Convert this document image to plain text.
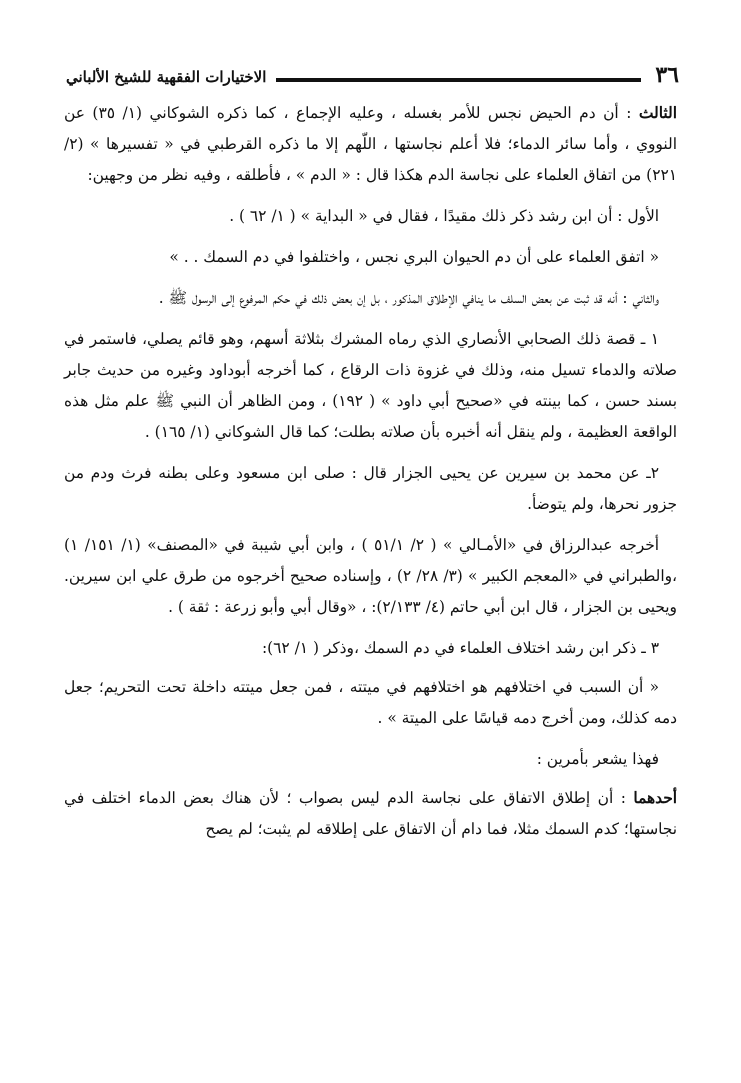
الاختيارات الفقهية للشيخ الألباني	٣٦

الثالث : أن دم الحيض نجس للأمر بغسله ، وعليه الإجماع ، كما ذكره الشوكاني (١/ ٣٥) عن النووي ، وأما سائر الدماء؛ فلا أعلم نجاستها ، اللّهم إلا ما ذكره القرطبي في « تفسيرها » (٢/ ٢٢١) من اتفاق العلماء على نجاسة الدم هكذا قال : « الدم » ، فأطلقه ، وفيه نظر من وجهين:

الأول : أن ابن رشد ذكر ذلك مقيدًا ، فقال في « البداية » ( ١/ ٦٢ ) .

« اتفق العلماء على أن دم الحيوان البري نجس ، واختلفوا في دم السمك . . »

والثاني : أنه قد ثبت عن بعض السلف ما ينافي الإطلاق المذكور ، بل إن بعض ذلك في حكم المرفوع إلى الرسول ﷺ .

١ ـ قصة ذلك الصحابي الأنصاري الذي رماه المشرك بثلاثة أسهم، وهو قائم يصلي، فاستمر في صلاته والدماء تسيل منه، وذلك في غزوة ذات الرقاع ، كما أخرجه أبوداود وغيره من حديث جابر بسند حسن ، كما بينته في «صحيح أبي داود » ( ١٩٢) ، ومن الظاهر أن النبي ﷺ علم مثل هذه الواقعة العظيمة ، ولم ينقل أنه أخبره بأن صلاته بطلت؛ كما قال الشوكاني (١/ ١٦٥) .

٢ـ عن محمد بن سيرين عن يحيى الجزار قال : صلى ابن مسعود وعلى بطنه فرث ودم من جزور نحرها، ولم يتوضأ.

أخرجه عبدالرزاق في «الأمـالي » ( ٢/ ٥١/١ ) ، وابن أبي شيبة في «المصنف» (١/ ١٥١/ ١) ،والطبراني في «المعجم الكبير » (٣/ ٢٨/ ٢) ، وإسناده صحيح أخرجوه من طرق علي ابن سيرين. ويحيى بن الجزار ، قال ابن أبي حاتم (٤/ ٢/١٣٣): ، «وقال أبي وأبو زرعة : ثقة ) .

٣ ـ ذكر ابن رشد اختلاف العلماء في دم السمك ،وذكر ( ١/ ٦٢):

« أن السبب في اختلافهم هو اختلافهم في ميتته ، فمن جعل ميتته داخلة تحت التحريم؛ جعل دمه كذلك، ومن أخرج دمه قياسًا على الميتة » .

فهذا يشعر بأمرين :

أحدهما : أن إطلاق الاتفاق على نجاسة الدم ليس بصواب ؛ لأن هناك بعض الدماء اختلف في نجاستها؛ كدم السمك مثلا، فما دام أن الاتفاق على إطلاقه لم يثبت؛ لم يصح
